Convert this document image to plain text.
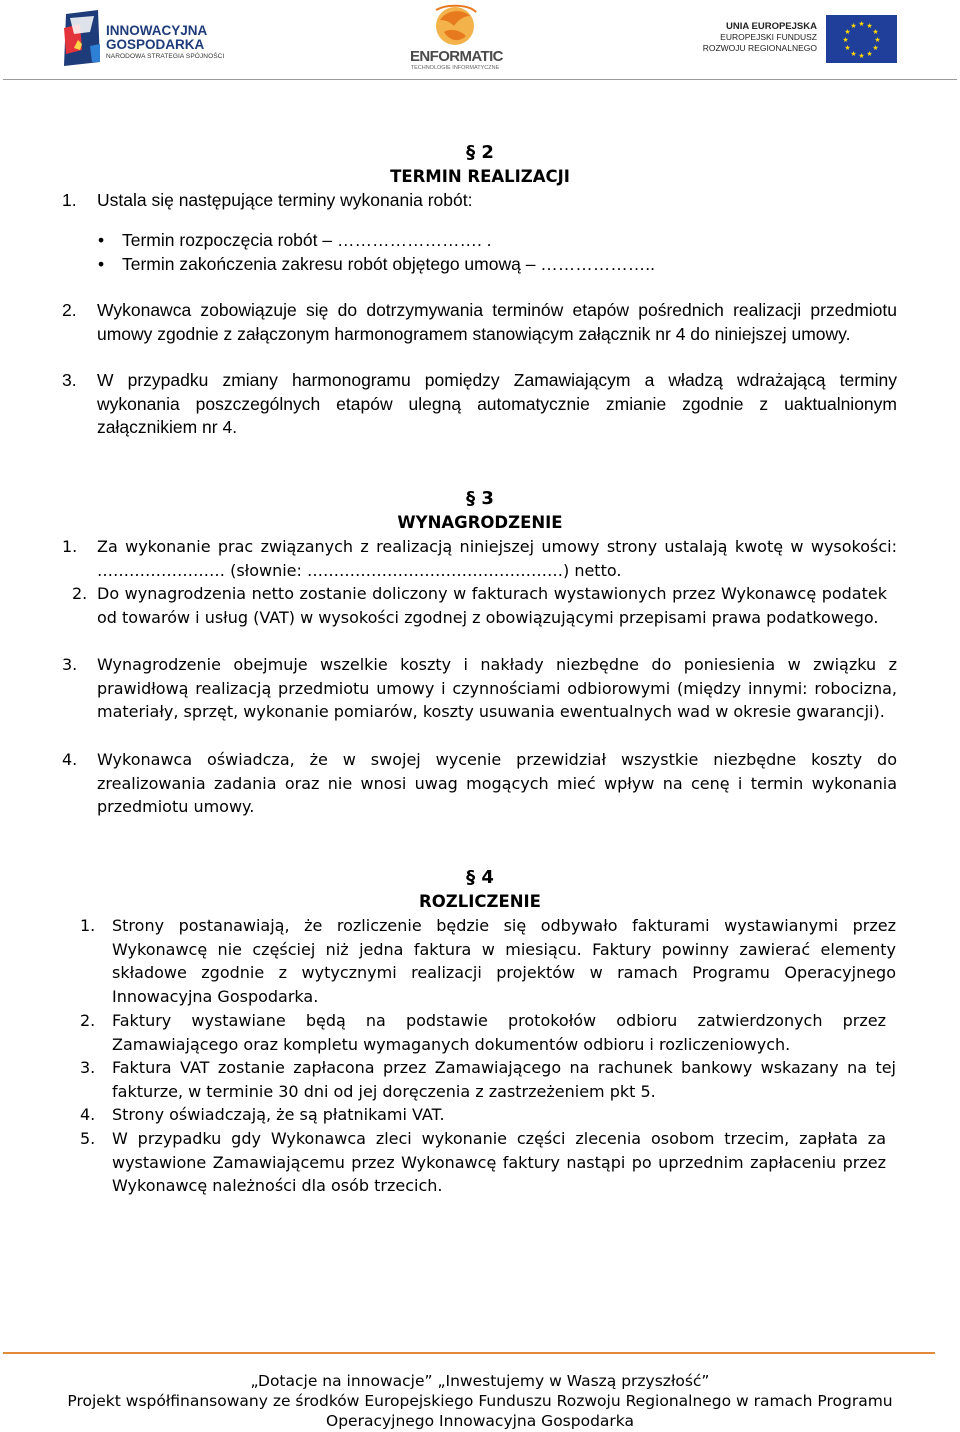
INNOWACYJNA
GOSPODARKA
NARODOWA STRATEGIA SPÓJNOŚCI	ENFORMATIC
TECHNOLOGIE INFORMATYCZNE
UNIA EUROPEJSKA
EUROPEJSKI FUNDUSZ
ROZWOJU REGIONALNEGO
★ ★
★
★
★
★
★
★
★
★
★
★
§ 2
TERMIN REALIZACJI
1. Ustala się następujące terminy wykonania robót:
• Termin rozpoczęcia robót – ……………………. .
• Termin zakończenia zakresu robót objętego umową – ………………..
2. Wykonawca zobowiązuje się do dotrzymywania terminów etapów pośrednich realizacji przedmiotu umowy zgodnie z załączonym harmonogramem stanowiącym załącznik nr 4 do niniejszej umowy.
3. W przypadku zmiany harmonogramu pomiędzy Zamawiającym a władzą wdrażającą terminy wykonania poszczególnych etapów ulegną automatycznie zmianie zgodnie z uaktualnionym załącznikiem nr 4.
§ 3
WYNAGRODZENIE
1. Za wykonanie prac związanych z realizacją niniejszej umowy strony ustalają kwotę w wysokości: …………………… (słownie: …………………………………………) netto.
2. Do wynagrodzenia netto zostanie doliczony w fakturach wystawionych przez Wykonawcę podatek od towarów i usług (VAT) w wysokości zgodnej z obowiązującymi przepisami prawa podatkowego.
3. Wynagrodzenie obejmuje wszelkie koszty i nakłady niezbędne do poniesienia w związku z prawidłową realizacją przedmiotu umowy i czynnościami odbiorowymi (między innymi: robocizna, materiały, sprzęt, wykonanie pomiarów, koszty usuwania ewentualnych wad w okresie gwarancji).
4. Wykonawca oświadcza, że w swojej wycenie przewidział wszystkie niezbędne koszty do zrealizowania zadania oraz nie wnosi uwag mogących mieć wpływ na cenę i termin wykonania przedmiotu umowy.
§ 4
ROZLICZENIE
1. Strony postanawiają, że rozliczenie będzie się odbywało fakturami wystawianymi przez Wykonawcę nie częściej niż jedna faktura w miesiącu. Faktury powinny zawierać elementy składowe zgodnie z wytycznymi realizacji projektów w ramach Programu Operacyjnego Innowacyjna Gospodarka.
2. Faktury wystawiane będą na podstawie protokołów odbioru zatwierdzonych przez Zamawiającego oraz kompletu wymaganych dokumentów odbioru i rozliczeniowych.
3. Faktura VAT zostanie zapłacona przez Zamawiającego na rachunek bankowy wskazany na tej fakturze, w terminie 30 dni od jej doręczenia z zastrzeżeniem pkt 5.
4. Strony oświadczają, że są płatnikami VAT.
5. W przypadku gdy Wykonawca zleci wykonanie części zlecenia osobom trzecim, zapłata za wystawione Zamawiającemu przez Wykonawcę faktury nastąpi po uprzednim zapłaceniu przez Wykonawcę należności dla osób trzecich.
„Dotacje na innowacje” „Inwestujemy w Waszą przyszłość”
Projekt współfinansowany ze środków Europejskiego Funduszu Rozwoju Regionalnego w ramach Programu
Operacyjnego Innowacyjna Gospodarka
